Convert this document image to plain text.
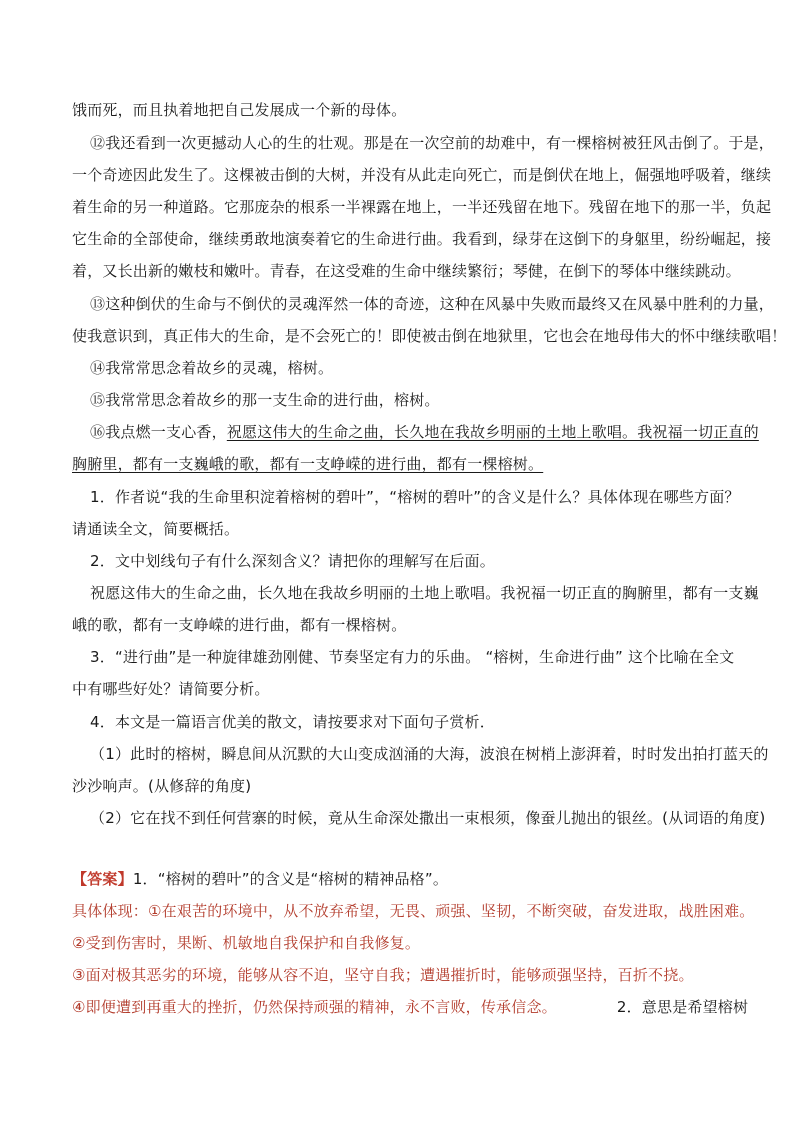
饿而死，而且执着地把自己发展成一个新的母体。
⑫我还看到一次更撼动人心的生的壮观。那是在一次空前的劫难中，有一棵榕树被狂风击倒了。于是，
一个奇迹因此发生了。这棵被击倒的大树，并没有从此走向死亡，而是倒伏在地上，倔强地呼吸着，继续
着生命的另一种道路。它那庞杂的根系一半裸露在地上，一半还残留在地下。残留在地下的那一半，负起
它生命的全部使命，继续勇敢地演奏着它的生命进行曲。我看到，绿芽在这倒下的身躯里，纷纷崛起，接
着，又长出新的嫩枝和嫩叶。青春，在这受难的生命中继续繁衍；琴健，在倒下的琴体中继续跳动。
⑬这种倒伏的生命与不倒伏的灵魂浑然一体的奇迹，这种在风暴中失败而最终又在风暴中胜利的力量，
使我意识到，真正伟大的生命，是不会死亡的！即使被击倒在地狱里，它也会在地母伟大的怀中继续歌唱！
⑭我常常思念着故乡的灵魂，榕树。
⑮我常常思念着故乡的那一支生命的进行曲，榕树。
⑯我点燃一支心香，祝愿这伟大的生命之曲，长久地在我故乡明丽的土地上歌唱。我祝福一切正直的
胸腑里，都有一支巍峨的歌，都有一支峥嵘的进行曲，都有一棵榕树。
1．作者说“我的生命里积淀着榕树的碧叶”，“榕树的碧叶”的含义是什么？具体体现在哪些方面？
请通读全文，简要概括。
2．文中划线句子有什么深刻含义？请把你的理解写在后面。
祝愿这伟大的生命之曲，长久地在我故乡明丽的土地上歌唱。我祝福一切正直的胸腑里，都有一支巍
峨的歌，都有一支峥嵘的进行曲，都有一棵榕树。
3．“进行曲”是一种旋律雄劲刚健、节奏坚定有力的乐曲。 “榕树，生命进行曲” 这个比喻在全文
中有哪些好处？请简要分析。
4．本文是一篇语言优美的散文，请按要求对下面句子赏析．
（1）此时的榕树，瞬息间从沉默的大山变成汹涌的大海，波浪在树梢上澎湃着，时时发出拍打蓝天的
沙沙响声。(从修辞的角度)
（2）它在找不到任何营寨的时候，竟从生命深处撒出一束根须，像蚕儿抛出的银丝。(从词语的角度)
【答案】1．“榕树的碧叶”的含义是“榕树的精神品格”。
具体体现：①在艰苦的环境中，从不放弃希望，无畏、顽强、坚韧，不断突破，奋发进取，战胜困难。
②受到伤害时，果断、机敏地自我保护和自我修复。
③面对极其恶劣的环境，能够从容不迫，坚守自我；遭遇摧折时，能够顽强坚持，百折不挠。
④即便遭到再重大的挫折，仍然保持顽强的精神，永不言败，传承信念。	2．意思是希望榕树
